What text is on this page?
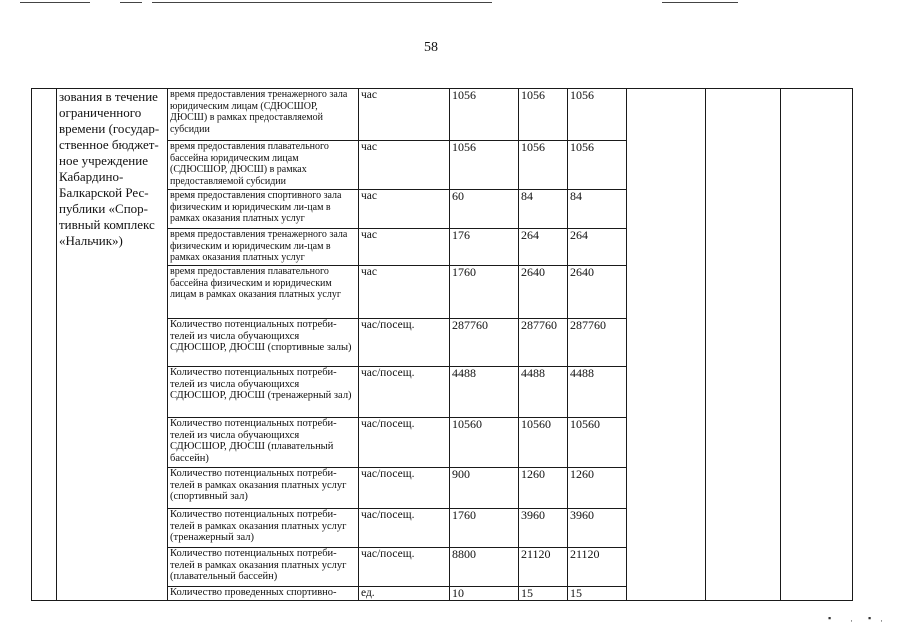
58
	зования в течение ограниченного времени (государ-ственное бюджет-ное учреждение Кабардино-Балкарской Рес-публики «Спор-тивный комплекс «Нальчик»)	время предоставления тренажерного зала юридическим лицам (СДЮСШОР, ДЮСШ) в рамках предоставляемой субсидии	час	1056	1056	1056			
		время предоставления плавательного бассейна юридическим лицам (СДЮСШОР, ДЮСШ) в рамках предоставляемой субсидии	час	1056	1056	1056			
		время предоставления спортивного зала физическим и юридическим ли-цам в рамках оказания платных услуг	час	60	84	84			
		время предоставления тренажерного зала физическим и юридическим ли-цам в рамках оказания платных услуг	час	176	264	264			
		время предоставления плавательного бассейна физическим и юридическим лицам в рамках оказания платных услуг	час	1760	2640	2640			
		Количество потенциальных потреби-телей из числа обучающихся СДЮСШОР, ДЮСШ (спортивные залы)	час/посещ.	287760	287760	287760			
		Количество потенциальных потреби-телей из числа обучающихся СДЮСШОР, ДЮСШ (тренажерный зал)	час/посещ.	4488	4488	4488			
		Количество потенциальных потреби-телей из числа обучающихся СДЮСШОР, ДЮСШ (плавательный бассейн)	час/посещ.	10560	10560	10560			
		Количество потенциальных потреби-телей в рамках оказания платных услуг (спортивный зал)	час/посещ.	900	1260	1260			
		Количество потенциальных потреби-телей в рамках оказания платных услуг (тренажерный зал)	час/посещ.	1760	3960	3960			
		Количество потенциальных потреби-телей в рамках оказания платных услуг (плавательный бассейн)	час/посещ.	8800	21120	21120			
		Количество проведенных спортивно-	ед.	10	15	15			
▪ · ▪ ·
